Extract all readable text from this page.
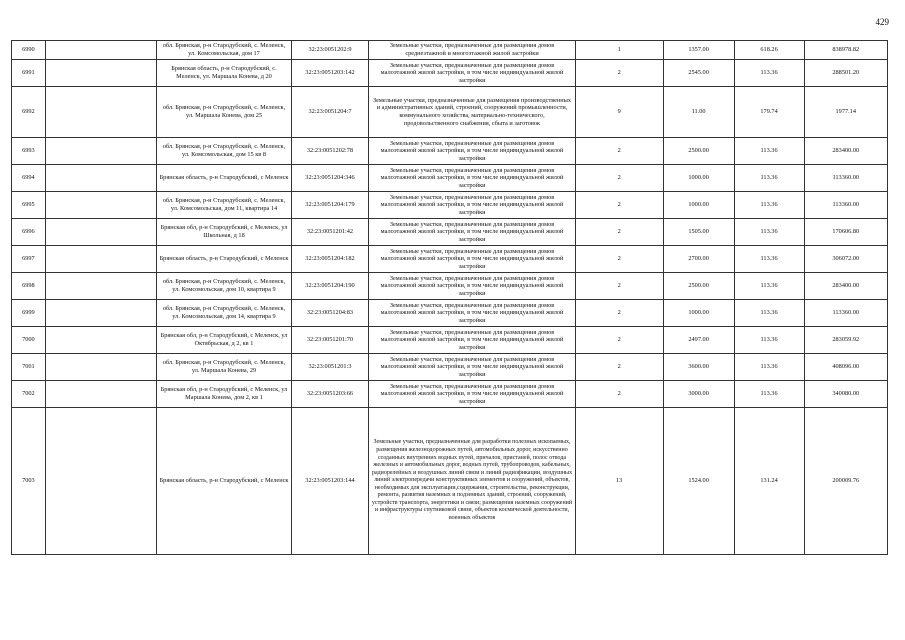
429
6990		обл. Брянская, р-н Стародубский, с. Меленск, ул. Комсомольская, дом 17	32:23:0051202:9	Земельные участки, предназначенные для размещения домов среднеэтажной и многоэтажной жилой застройки	1	1357.00	618.26	838978.82
6991		Брянская область, р-н Стародубский, с. Меленск, ул. Маршала Конева, д 20	32:23:0051203:142	Земельные участки, предназначенные для размещения домов малоэтажной жилой застройки, в том числе индивидуальной жилой застройки	2	2545.00	113.36	288501.20
6992		обл. Брянская, р-н Стародубский, с. Меленск, ул. Маршала Конева, дом 25	32:23:0051204:7	Земельные участки, предназначенные для размещения производственных и административных зданий, строений, сооружений промышленности, коммунального хозяйства, материально-технического, продовольственного снабжения, сбыта и заготовок	9	11.00	179.74	1977.14
6993		обл. Брянская, р-н Стародубский, с. Меленск, ул. Комсомольская, дом 15 кв 8	32:23:0051202:78	Земельные участки, предназначенные для размещения домов малоэтажной жилой застройки, в том числе индивидуальной жилой застройки	2	2500.00	113.36	283400.00
6994		Брянская область, р-н Стародубский, с Меленск	32:23:0051204:346	Земельные участки, предназначенные для размещения домов малоэтажной жилой застройки, в том числе индивидуальной жилой застройки	2	1000.00	113.36	113360.00
6995		обл. Брянская, р-н Стародубский, с. Меленск, ул. Комсомольская, дом 11, квартира 14	32:23:0051204:179	Земельные участки, предназначенные для размещения домов малоэтажной жилой застройки, в том числе индивидуальной жилой застройки	2	1000.00	113.36	113360.00
6996		Брянская обл, р-н Стародубский, с Меленск, ул Школьная, д 18	32:23:0051201:42	Земельные участки, предназначенные для размещения домов малоэтажной жилой застройки, в том числе индивидуальной жилой застройки	2	1505.00	113.36	170606.80
6997		Брянская область, р-н Стародубский, с Меленск	32:23:0051204:182	Земельные участки, предназначенные для размещения домов малоэтажной жилой застройки, в том числе индивидуальной жилой застройки	2	2700.00	113.36	306072.00
6998		обл. Брянская, р-н Стародубский, с. Меленск, ул. Комсомольская, дом 10, квартира 9	32:23:0051204:190	Земельные участки, предназначенные для размещения домов малоэтажной жилой застройки, в том числе индивидуальной жилой застройки	2	2500.00	113.36	283400.00
6999		обл. Брянская, р-н Стародубский, с. Меленск, ул. Комсомольская, дом 14, квартира 9	32:23:0051204:83	Земельные участки, предназначенные для размещения домов малоэтажной жилой застройки, в том числе индивидуальной жилой застройки	2	1000.00	113.36	113360.00
7000		Брянская обл, р-н Стародубский, с Меленск, ул Октябрьская, д 2, кв 1	32:23:0051201:70	Земельные участки, предназначенные для размещения домов малоэтажной жилой застройки, в том числе индивидуальной жилой застройки	2	2497.00	113.36	283059.92
7001		обл. Брянская, р-н Стародубский, с. Меленск, ул. Маршала Конева, 29	32:23:0051201:3	Земельные участки, предназначенные для размещения домов малоэтажной жилой застройки, в том числе индивидуальной жилой застройки	2	3600.00	113.36	408096.00
7002		Брянская обл, р-н Стародубский, с Меленск, ул Маршала Конева, дом 2, кв 1	32:23:0051203:66	Земельные участки, предназначенные для размещения домов малоэтажной жилой застройки, в том числе индивидуальной жилой застройки	2	3000.00	113.36	340080.00
7003		Брянская область, р-н Стародубский, с Меленск	32:23:0051203:144	Земельные участки, предназначенные для разработки полезных ископаемых, размещения железнодорожных путей, автомобильных дорог, искусственно созданных внутренних водных путей, причалов, пристаней, полос отвода железных и автомобильных дорог, водных путей, трубопроводов, кабельных, радиорелейных и воздушных линий связи и линий радиофикации, воздушных линий электропередачи конструктивных элементов и сооружений, объектов, необходимых для эксплуатации,содержания, строительства, реконструкции, ремонта, развития наземных и подземных зданий, строений, сооружений, устройств транспорта, энергетики и связи; размещения наземных сооружений и инфраструктуры спутниковой связи, объектов космической деятельности, военных объектов	13	1524.00	131.24	200009.76
